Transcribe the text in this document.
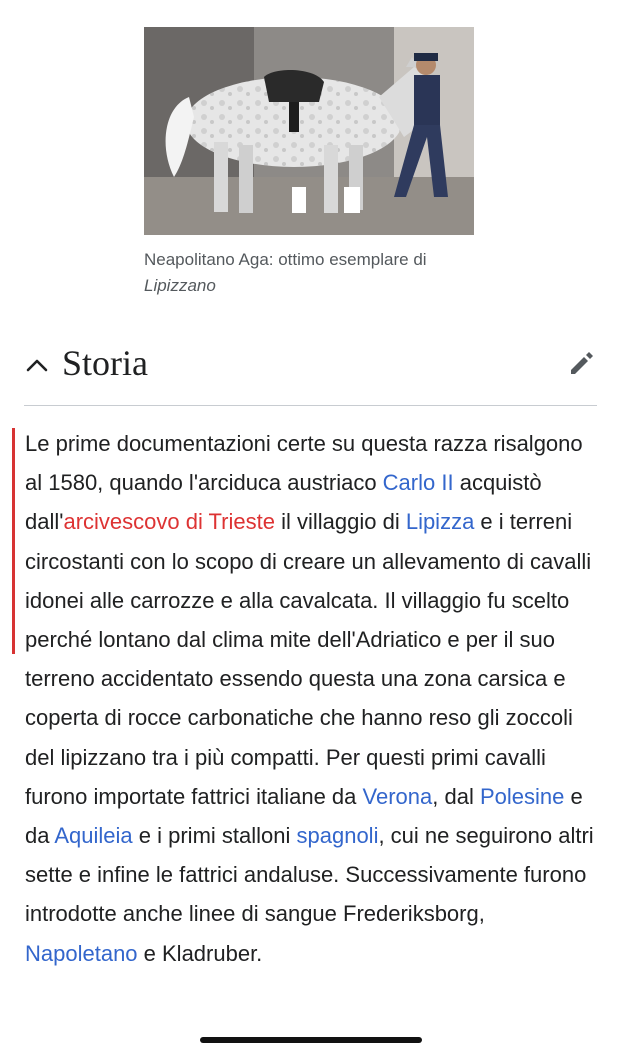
Neapolitano Aga: ottimo esemplare di Lipizzano
Storia
Le prime documentazioni certe su questa razza risalgono al 1580, quando l'arciduca austriaco Carlo II acquistò dall'arcivescovo di Trieste il villaggio di Lipizza e i terreni circostanti con lo scopo di creare un allevamento di cavalli idonei alle carrozze e alla cavalcata. Il villaggio fu scelto perché lontano dal clima mite dell'Adriatico e per il suo terreno accidentato essendo questa una zona carsica e coperta di rocce carbonatiche che hanno reso gli zoccoli del lipizzano tra i più compatti. Per questi primi cavalli furono importate fattrici italiane da Verona, dal Polesine e da Aquileia e i primi stalloni spagnoli, cui ne seguirono altri sette e infine le fattrici andaluse. Successivamente furono introdotte anche linee di sangue Frederiksborg, Napoletano e Kladruber.
